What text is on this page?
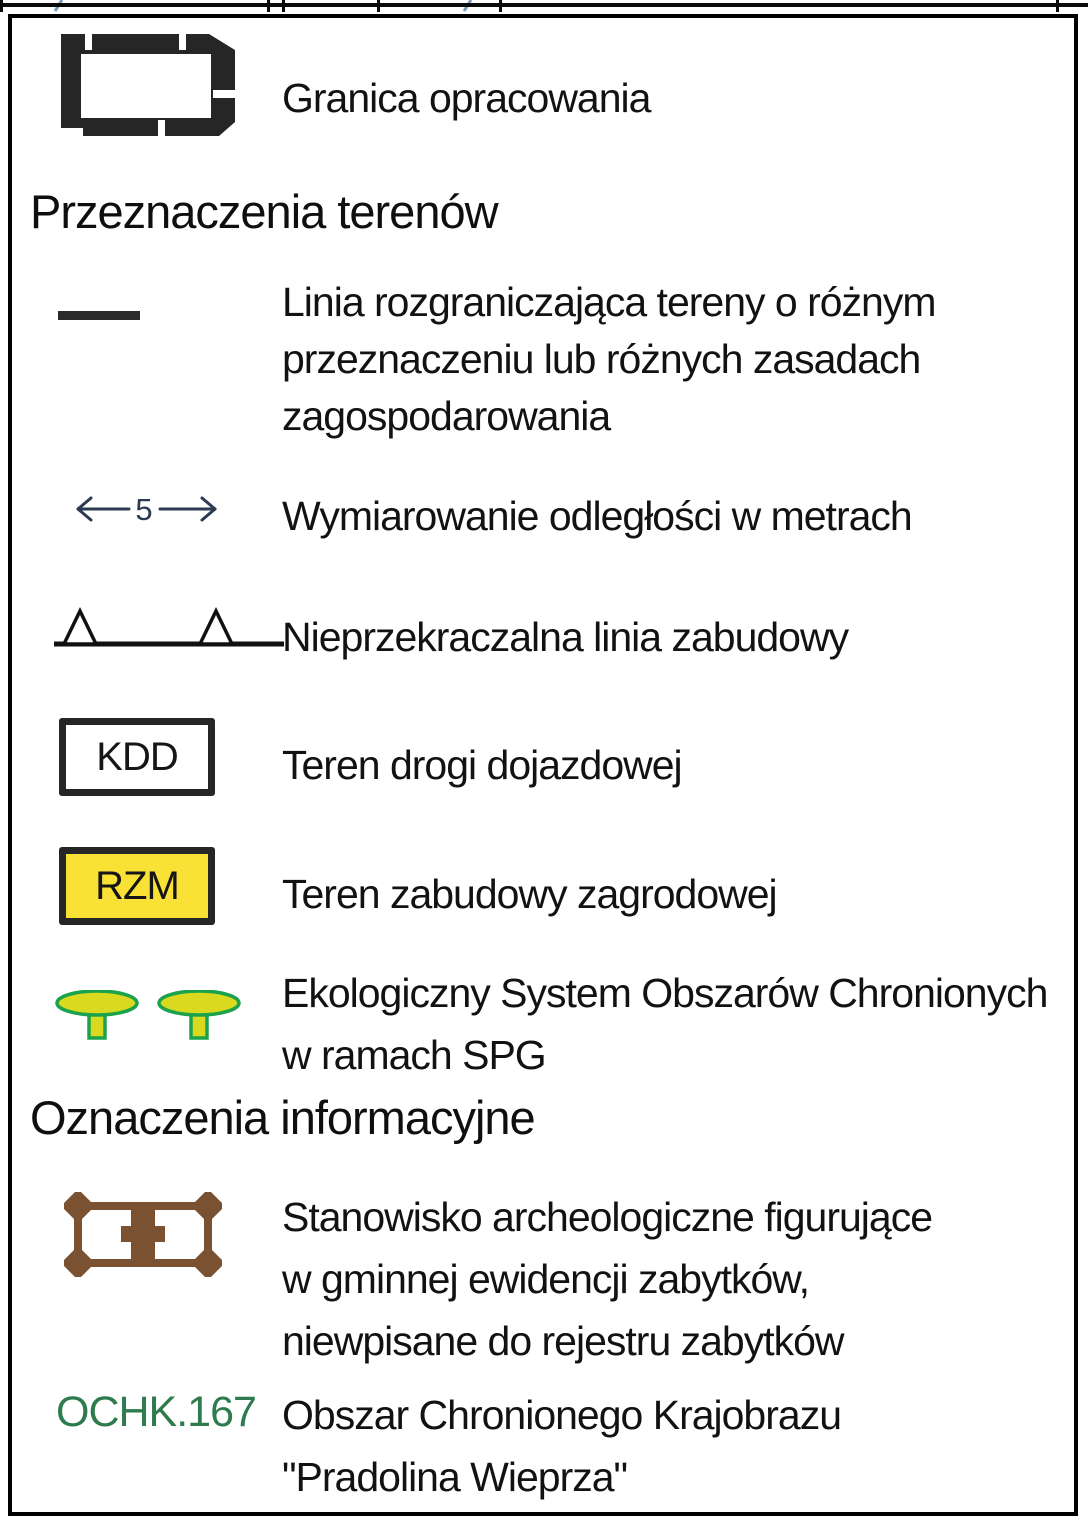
Granica opracowania
Przeznaczenia terenów
Linia rozgraniczająca tereny o różnym
przeznaczeniu lub różnych zasadach
zagospodarowania
5	Wymiarowanie odległości w metrach
Nieprzekraczalna linia zabudowy
KDD	Teren drogi dojazdowej
RZM	Teren zabudowy zagrodowej
Ekologiczny System Obszarów Chronionych
w ramach SPG
Oznaczenia informacyjne
Stanowisko archeologiczne figurujące
w gminnej ewidencji zabytków,
niewpisane do rejestru zabytków
OCHK.167 Obszar Chronionego Krajobrazu
"Pradolina Wieprza"
